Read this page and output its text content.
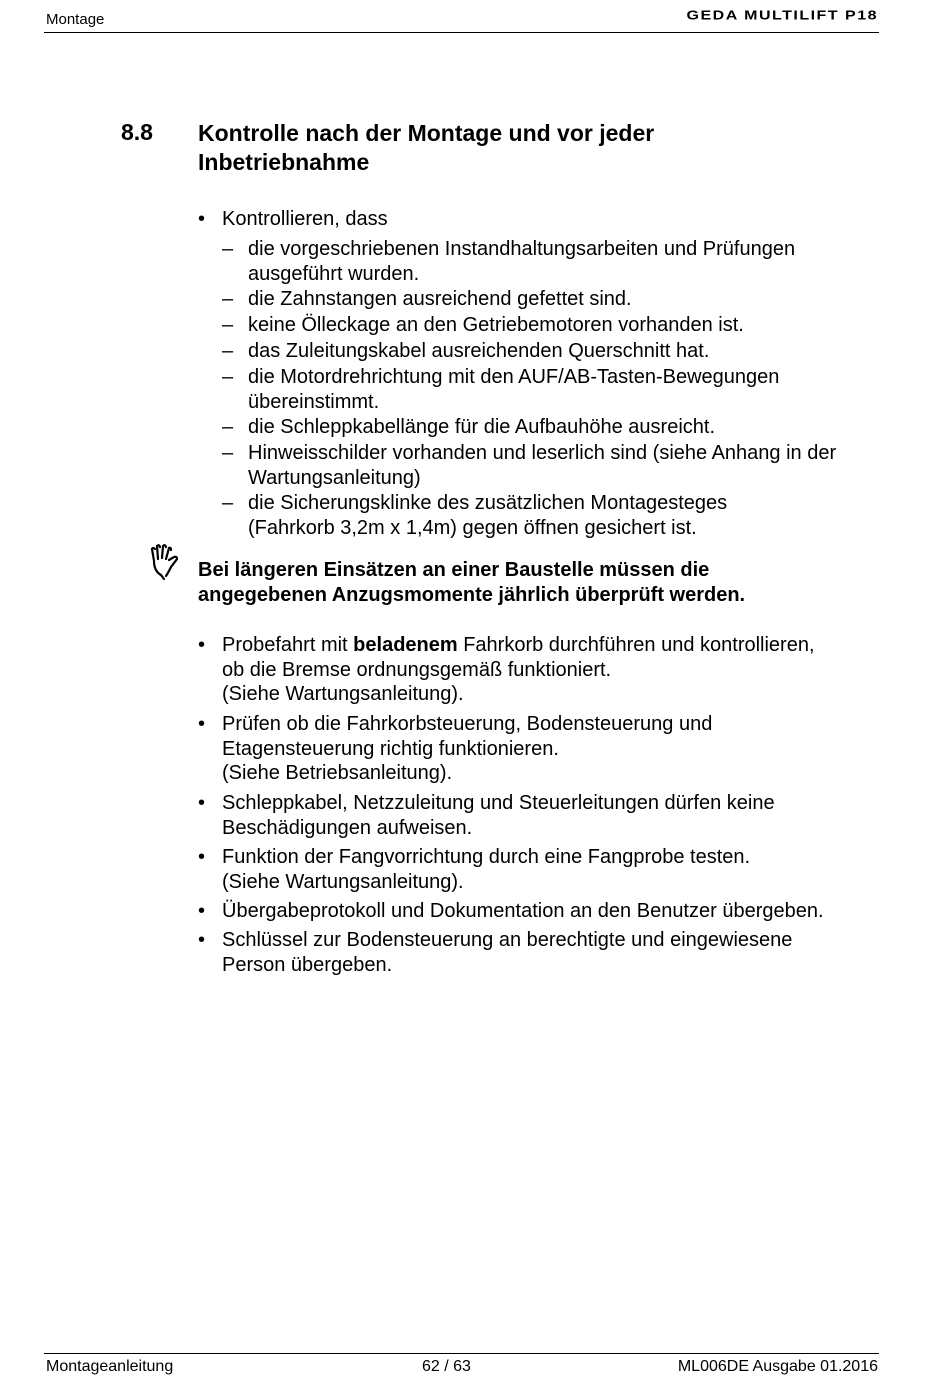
Montage	GEDA MULTILIFT P18
8.8 Kontrolle nach der Montage und vor jeder Inbetriebnahme
• Kontrollieren, dass
– die vorgeschriebenen Instandhaltungsarbeiten und Prüfungen
ausgeführt wurden.
– die Zahnstangen ausreichend gefettet sind.
– keine Ölleckage an den Getriebemotoren vorhanden ist.
– das Zuleitungskabel ausreichenden Querschnitt hat.
– die Motordrehrichtung mit den AUF/AB-Tasten-Bewegungen
übereinstimmt.
– die Schleppkabellänge für die Aufbauhöhe ausreicht.
– Hinweisschilder vorhanden und leserlich sind (siehe Anhang in der
Wartungsanleitung)
– die Sicherungsklinke des zusätzlichen Montagesteges
(Fahrkorb 3,2m x 1,4m) gegen öffnen gesichert ist.
Bei längeren Einsätzen an einer Baustelle müssen die
angegebenen Anzugsmomente jährlich überprüft werden.
• Probefahrt mit beladenem Fahrkorb durchführen und kontrollieren,
ob die Bremse ordnungsgemäß funktioniert.
(Siehe Wartungsanleitung).
• Prüfen ob die Fahrkorbsteuerung, Bodensteuerung und
Etagensteuerung richtig funktionieren.
(Siehe Betriebsanleitung).
• Schleppkabel, Netzzuleitung und Steuerleitungen dürfen keine
Beschädigungen aufweisen.
• Funktion der Fangvorrichtung durch eine Fangprobe testen.
(Siehe Wartungsanleitung).
• Übergabeprotokoll und Dokumentation an den Benutzer übergeben.
• Schlüssel zur Bodensteuerung an berechtigte und eingewiesene
Person übergeben.
Montageanleitung	62 / 63	ML006DE Ausgabe 01.2016
